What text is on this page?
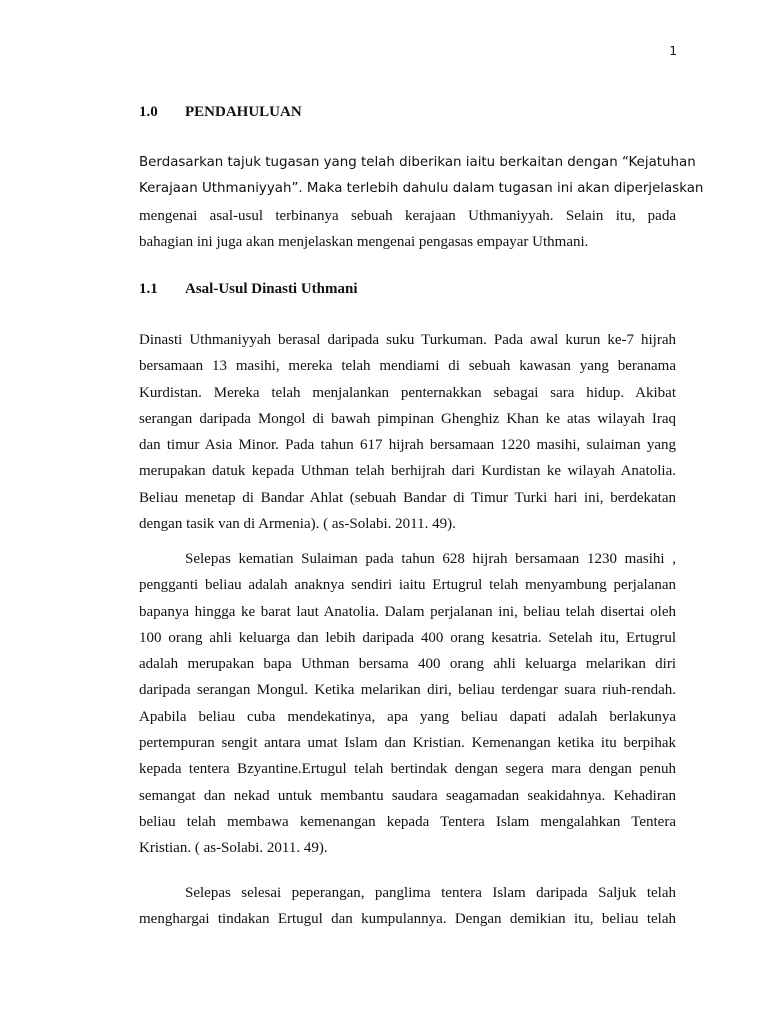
1
1.0 PENDAHULUAN
Berdasarkan tajuk tugasan yang telah diberikan iaitu berkaitan dengan “Kejatuhan
Kerajaan Uthmaniyyah”. Maka terlebih dahulu dalam tugasan ini akan diperjelaskan
mengenai asal-usul terbinanya sebuah kerajaan Uthmaniyyah. Selain itu, pada
bahagian ini juga akan menjelaskan mengenai pengasas empayar Uthmani.
1.1 Asal-Usul Dinasti Uthmani
Dinasti Uthmaniyyah berasal daripada suku Turkuman. Pada awal kurun ke-7 hijrah
bersamaan 13 masihi, mereka telah mendiami di sebuah kawasan yang beranama
Kurdistan. Mereka telah menjalankan penternakkan sebagai sara hidup. Akibat
serangan daripada Mongol di bawah pimpinan Ghenghiz Khan ke atas wilayah Iraq
dan timur Asia Minor. Pada tahun 617 hijrah bersamaan 1220 masihi, sulaiman yang
merupakan datuk kepada Uthman telah berhijrah dari Kurdistan ke wilayah Anatolia.
Beliau menetap di Bandar Ahlat (sebuah Bandar di Timur Turki hari ini, berdekatan
dengan tasik van di Armenia). ( as-Solabi. 2011. 49).
Selepas kematian Sulaiman pada tahun 628 hijrah bersamaan 1230 masihi ,
pengganti beliau adalah anaknya sendiri iaitu Ertugrul telah menyambung perjalanan
bapanya hingga ke barat laut Anatolia. Dalam perjalanan ini, beliau telah disertai oleh
100 orang ahli keluarga dan lebih daripada 400 orang kesatria. Setelah itu, Ertugrul
adalah merupakan bapa Uthman bersama 400 orang ahli keluarga melarikan diri
daripada serangan Mongul. Ketika melarikan diri, beliau terdengar suara riuh-rendah.
Apabila beliau cuba mendekatinya, apa yang beliau dapati adalah berlakunya
pertempuran sengit antara umat Islam dan Kristian. Kemenangan ketika itu berpihak
kepada tentera Bzyantine.Ertugul telah bertindak dengan segera mara dengan penuh
semangat dan nekad untuk membantu saudara seagamadan seakidahnya. Kehadiran
beliau telah membawa kemenangan kepada Tentera Islam mengalahkan Tentera
Kristian. ( as-Solabi. 2011. 49).
Selepas selesai peperangan, panglima tentera Islam daripada Saljuk telah
menghargai tindakan Ertugul dan kumpulannya. Dengan demikian itu, beliau telah
